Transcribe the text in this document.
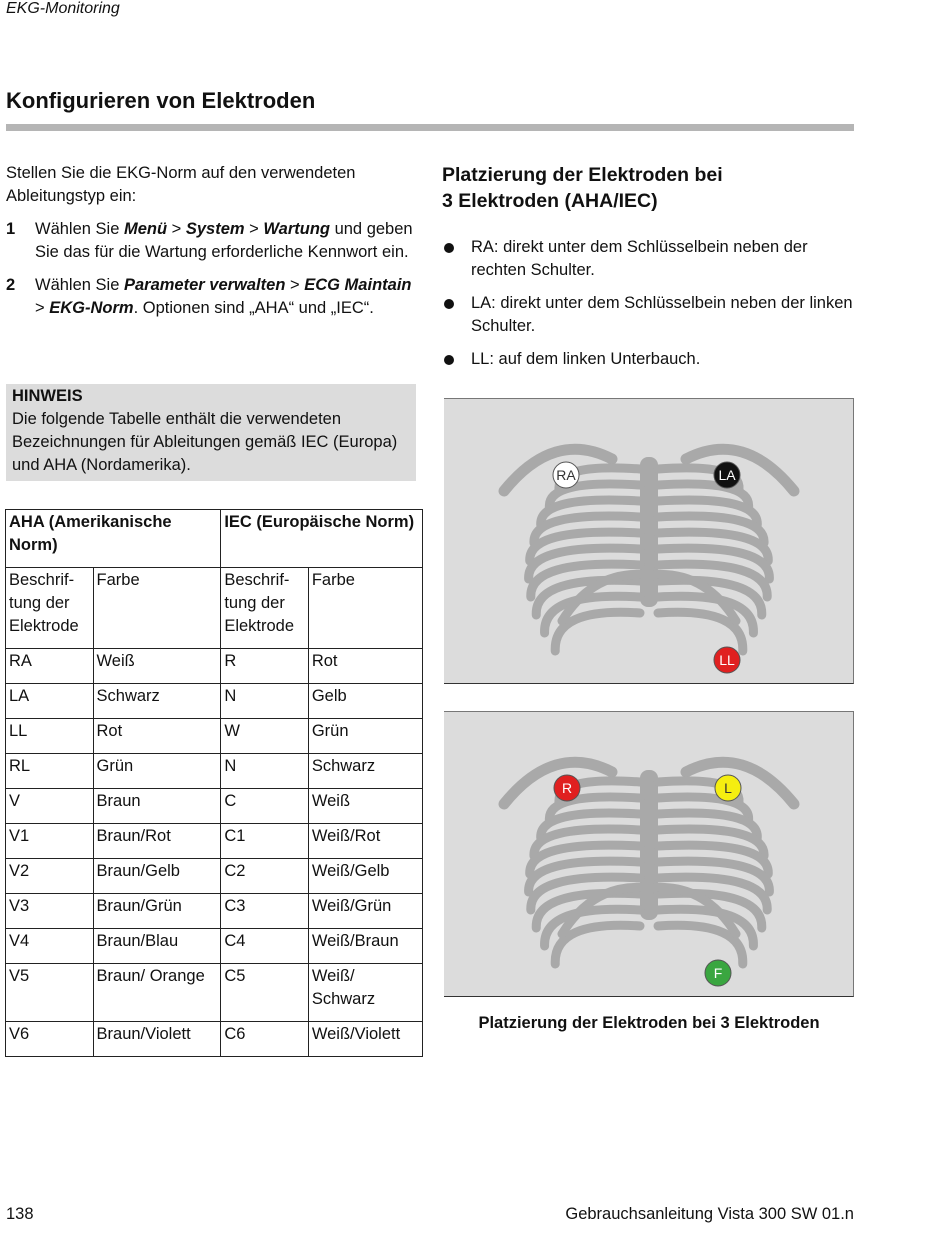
EKG-Monitoring
Konfigurieren von Elektroden

Stellen Sie die EKG-Norm auf den verwendeten Ableitungstyp ein:

1	Wählen Sie Menü > System > Wartung und geben Sie das für die Wartung erforderliche Kennwort ein.
2	Wählen Sie Parameter verwalten > ECG Maintain > EKG-Norm. Optionen sind „AHA“ und „IEC“.
HINWEIS
Die folgende Tabelle enthält die verwendeten Bezeichnungen für Ableitungen gemäß IEC (Europa) und AHA (Nordamerika).
AHA (Amerikanische Norm)		IEC (Europäische Norm)	
Beschrif-tung der Elektrode	Farbe	Beschrif-tung der Elektrode	Farbe
RA	Weiß	R	Rot
LA	Schwarz	N	Gelb
LL	Rot	W	Grün
RL	Grün	N	Schwarz
V	Braun	C	Weiß
V1	Braun/Rot	C1	Weiß/Rot
V2	Braun/Gelb	C2	Weiß/Gelb
V3	Braun/Grün	C3	Weiß/Grün
V4	Braun/Blau	C4	Weiß/Braun
V5	Braun/ Orange	C5	Weiß/ Schwarz
V6	Braun/Violett	C6	Weiß/Violett
Platzierung der Elektroden bei
3 Elektroden (AHA/IEC)
RA: direkt unter dem Schlüsselbein neben der rechten Schulter.
LA: direkt unter dem Schlüsselbein neben der linken Schulter.
LL: auf dem linken Unterbauch.
RA	LA
LL
R	L
F
Platzierung der Elektroden bei 3 Elektroden
138	Gebrauchsanleitung Vista 300 SW 01.n
